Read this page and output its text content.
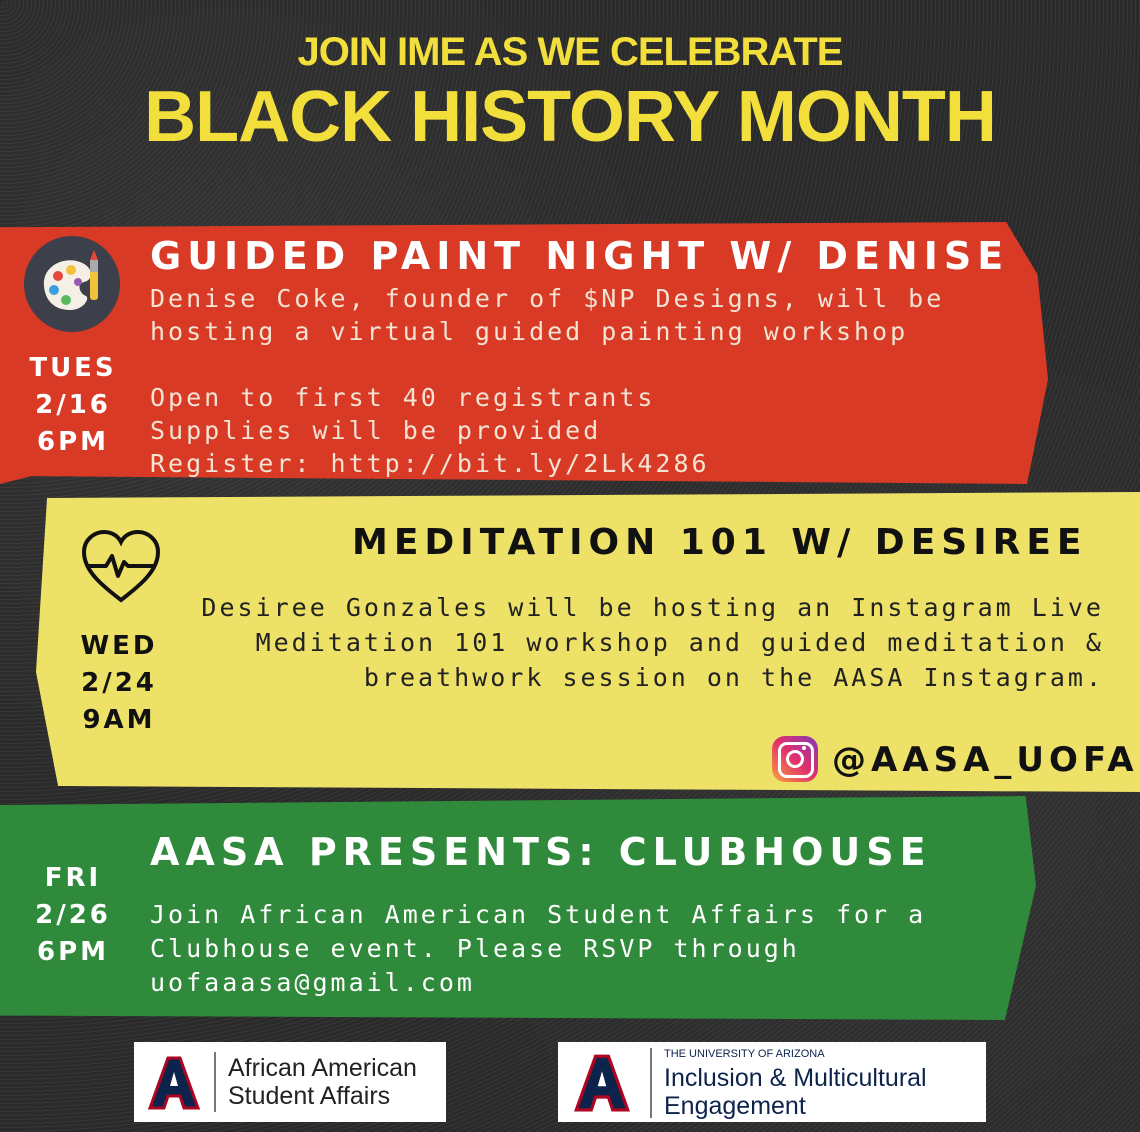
JOIN IME AS WE CELEBRATE
BLACK HISTORY MONTH
GUIDED PAINT NIGHT W/ DENISE
Denise Coke, founder of $NP Designs, will be
hosting a virtual guided painting workshop
Open to first 40 registrants
Supplies will be provided
Register: http://bit.ly/2Lk4286
TUES
2/16
6PM
MEDITATION 101 W/ DESIREE
Desiree Gonzales will be hosting an Instagram Live
Meditation 101 workshop and guided meditation &
breathwork session on the AASA Instagram.
WED
2/24
9AM
@AASA_UOFA
AASA PRESENTS: CLUBHOUSE
Join African American Student Affairs for a
Clubhouse event. Please RSVP through
uofaaasa@gmail.com
FRI
2/26
6PM
African American
Student Affairs
THE UNIVERSITY OF ARIZONA
Inclusion & Multicultural
Engagement
